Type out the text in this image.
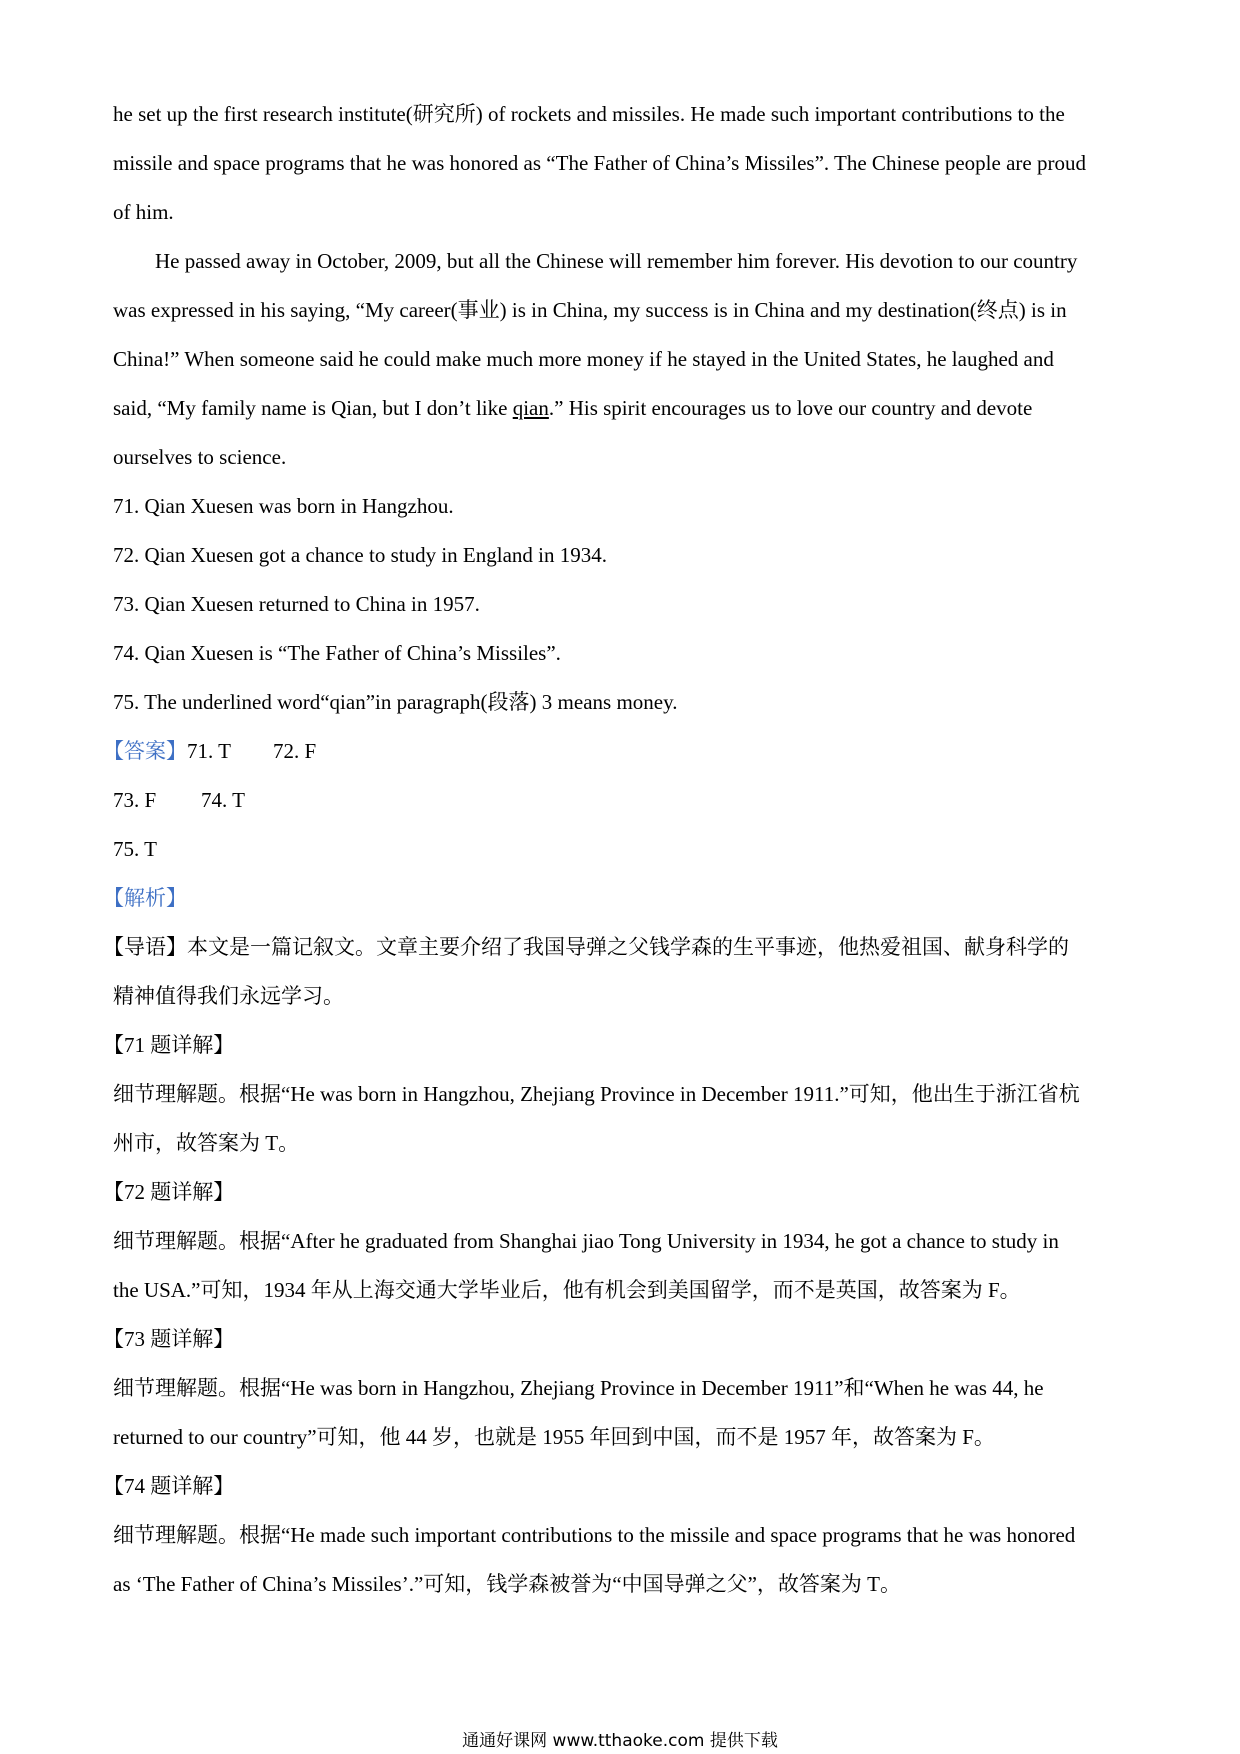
he set up the first research institute(研究所) of rockets and missiles. He made such important contributions to the
missile and space programs that he was honored as “The Father of China’s Missiles”. The Chinese people are proud
of him.
He passed away in October, 2009, but all the Chinese will remember him forever. His devotion to our country
was expressed in his saying, “My career(事业) is in China, my success is in China and my destination(终点) is in
China!” When someone said he could make much more money if he stayed in the United States, he laughed and
said, “My family name is Qian, but I don’t like qian.” His spirit encourages us to love our country and devote
ourselves to science.
71. Qian Xuesen was born in Hangzhou.
72. Qian Xuesen got a chance to study in England in 1934.
73. Qian Xuesen returned to China in 1957.
74. Qian Xuesen is “The Father of China’s Missiles”.
75. The underlined word“qian”in paragraph(段落) 3 means money.
【答案】71. T 72. F
73. F 74. T
75. T
【解析】
【导语】本文是一篇记叙文。文章主要介绍了我国导弹之父钱学森的生平事迹，他热爱祖国、献身科学的
精神值得我们永远学习。
【71 题详解】
细节理解题。根据“He was born in Hangzhou, Zhejiang Province in December 1911.”可知，他出生于浙江省杭
州市，故答案为 T。
【72 题详解】
细节理解题。根据“After he graduated from Shanghai jiao Tong University in 1934, he got a chance to study in
the USA.”可知，1934 年从上海交通大学毕业后，他有机会到美国留学，而不是英国，故答案为 F。
【73 题详解】
细节理解题。根据“He was born in Hangzhou, Zhejiang Province in December 1911”和“When he was 44, he
returned to our country”可知，他 44 岁，也就是 1955 年回到中国，而不是 1957 年，故答案为 F。
【74 题详解】
细节理解题。根据“He made such important contributions to the missile and space programs that he was honored
as ‘The Father of China’s Missiles’.”可知，钱学森被誉为“中国导弹之父”，故答案为 T。
通通好课网 www.tthaoke.com 提供下载
